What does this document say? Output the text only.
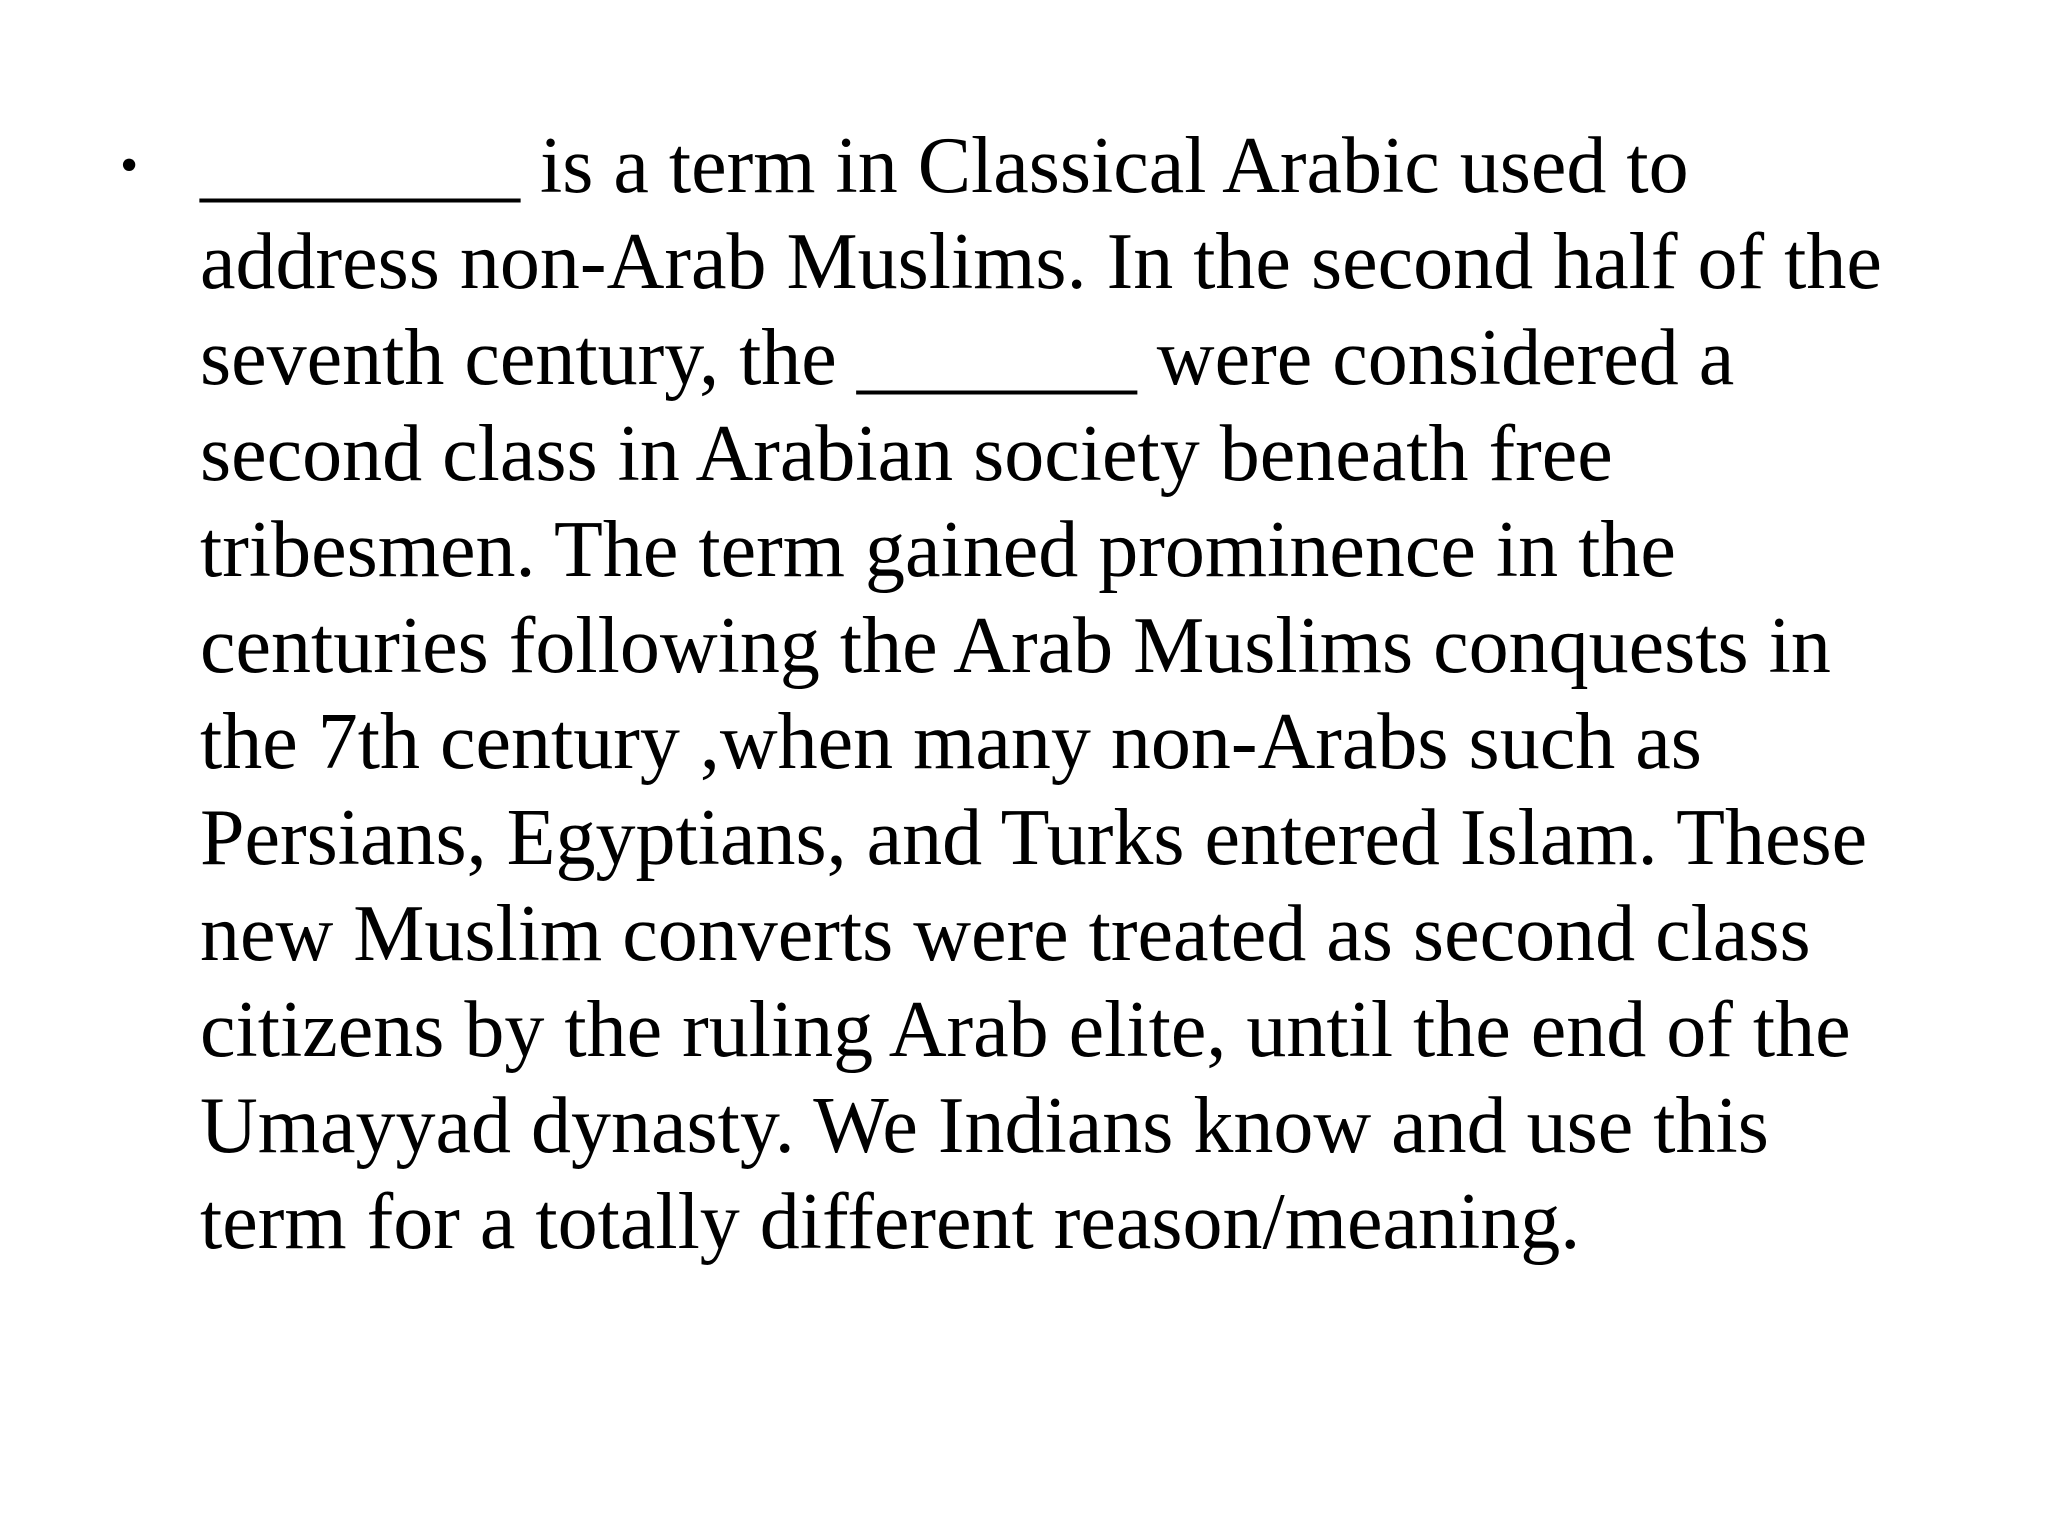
• ________ is a term in Classical Arabic used to
address non-Arab Muslims. In the second half of the
seventh century, the _______ were considered a
second class in Arabian society beneath free
tribesmen. The term gained prominence in the
centuries following the Arab Muslims conquests in
the 7th century ,when many non-Arabs such as
Persians, Egyptians, and Turks entered Islam. These
new Muslim converts were treated as second class
citizens by the ruling Arab elite, until the end of the
Umayyad dynasty. We Indians know and use this
term for a totally different reason/meaning.
